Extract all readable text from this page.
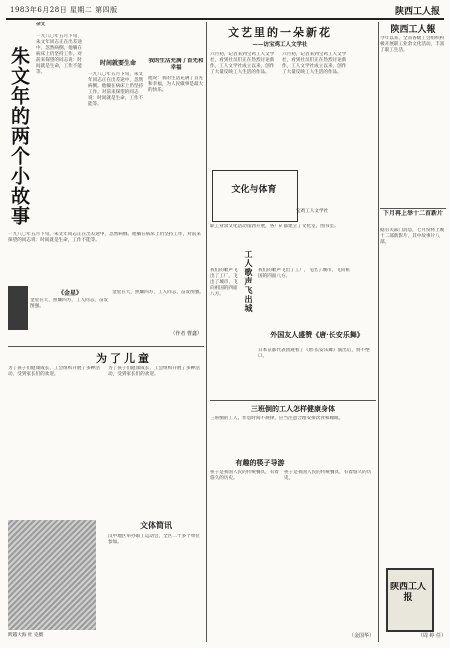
1983年6月28日 星期二 第四版	陕西工人报
朱文年的两个小故事
杂文
时间就要生命	我的生活充满了首先和幸福
一九八〇年五月下旬，朱文年同志正在出差途中，忽然病倒。他躺在病床上仍坚持工作，对前来探望的同志说：时间就是生命，工作不能等。	一九八〇年五月下旬，朱文年同志正在出差途中，忽然病倒。他躺在病床上仍坚持工作，对前来探望的同志说：时间就是生命，工作不能等。
他说：我的生活充满了首先和幸福，为人民做事是最大的快乐。
一九八〇年五月下旬，朱文年同志正在出差途中，忽然病倒。他躺在病床上仍坚持工作，对前来探望的同志说：时间就是生命，工作不能等。
《金星》
金星在天，照耀四方，工人同志，奋发图强。
金星在天，照耀四方，工人同志，奋发图强。
（作者 曹鑫）
为了儿童
为了孩子们健康成长，工会组织开展了多种活动，受到家长们的欢迎。
为了孩子们健康成长，工会组织开展了多种活动，受到家长们的欢迎。
跨越大海 杜 克摄
文体简讯
汉中地区举办职工运动会，全区二十多个单位参加。
文艺里的一朵新花
——访宝鸡工人文学社
六月初，记者来到宝鸡工人文学社，看到社员们正在热烈讨论新作。工人文学社成立以来，创作了大量反映工人生活的作品。
六月初，记者来到宝鸡工人文学社，看到社员们正在热烈讨论新作。工人文学社成立以来，创作了大量反映工人生活的作品。
文化与体育
宝鸡工人文学社
职工业余文化活动蓬勃开展，各厂矿都建立了文化室、图书室。
工人歌声飞出城
我们的歌声飞出了工厂，飞出了城市，飞向祖国的四面八方。
我们的歌声飞出了工厂，飞出了城市，飞向祖国的四面八方。
外国友人盛赞《唐·长安乐舞》
日本京都代表团观看了《唐·长安乐舞》演出后，赞不绝口。
三班倒的工人怎样健康身体
三班倒的工人，作息时间不规律，应当注意合理安排饮食和睡眠。
有趣的筷子导游
筷子是我国人民的传统餐具，有着悠久的历史。
筷子是我国人民的传统餐具，有着悠久的历史。
（金国华）
陕西工人報
今年以来，全省各级工会组织积极开展职工业余文化活动，丰富了职工生活。
下月再上举十二首新片
据有关部门消息，七月份将上映十二部新影片，其中故事片八部。
陕西工人报
（周 婷 任）
